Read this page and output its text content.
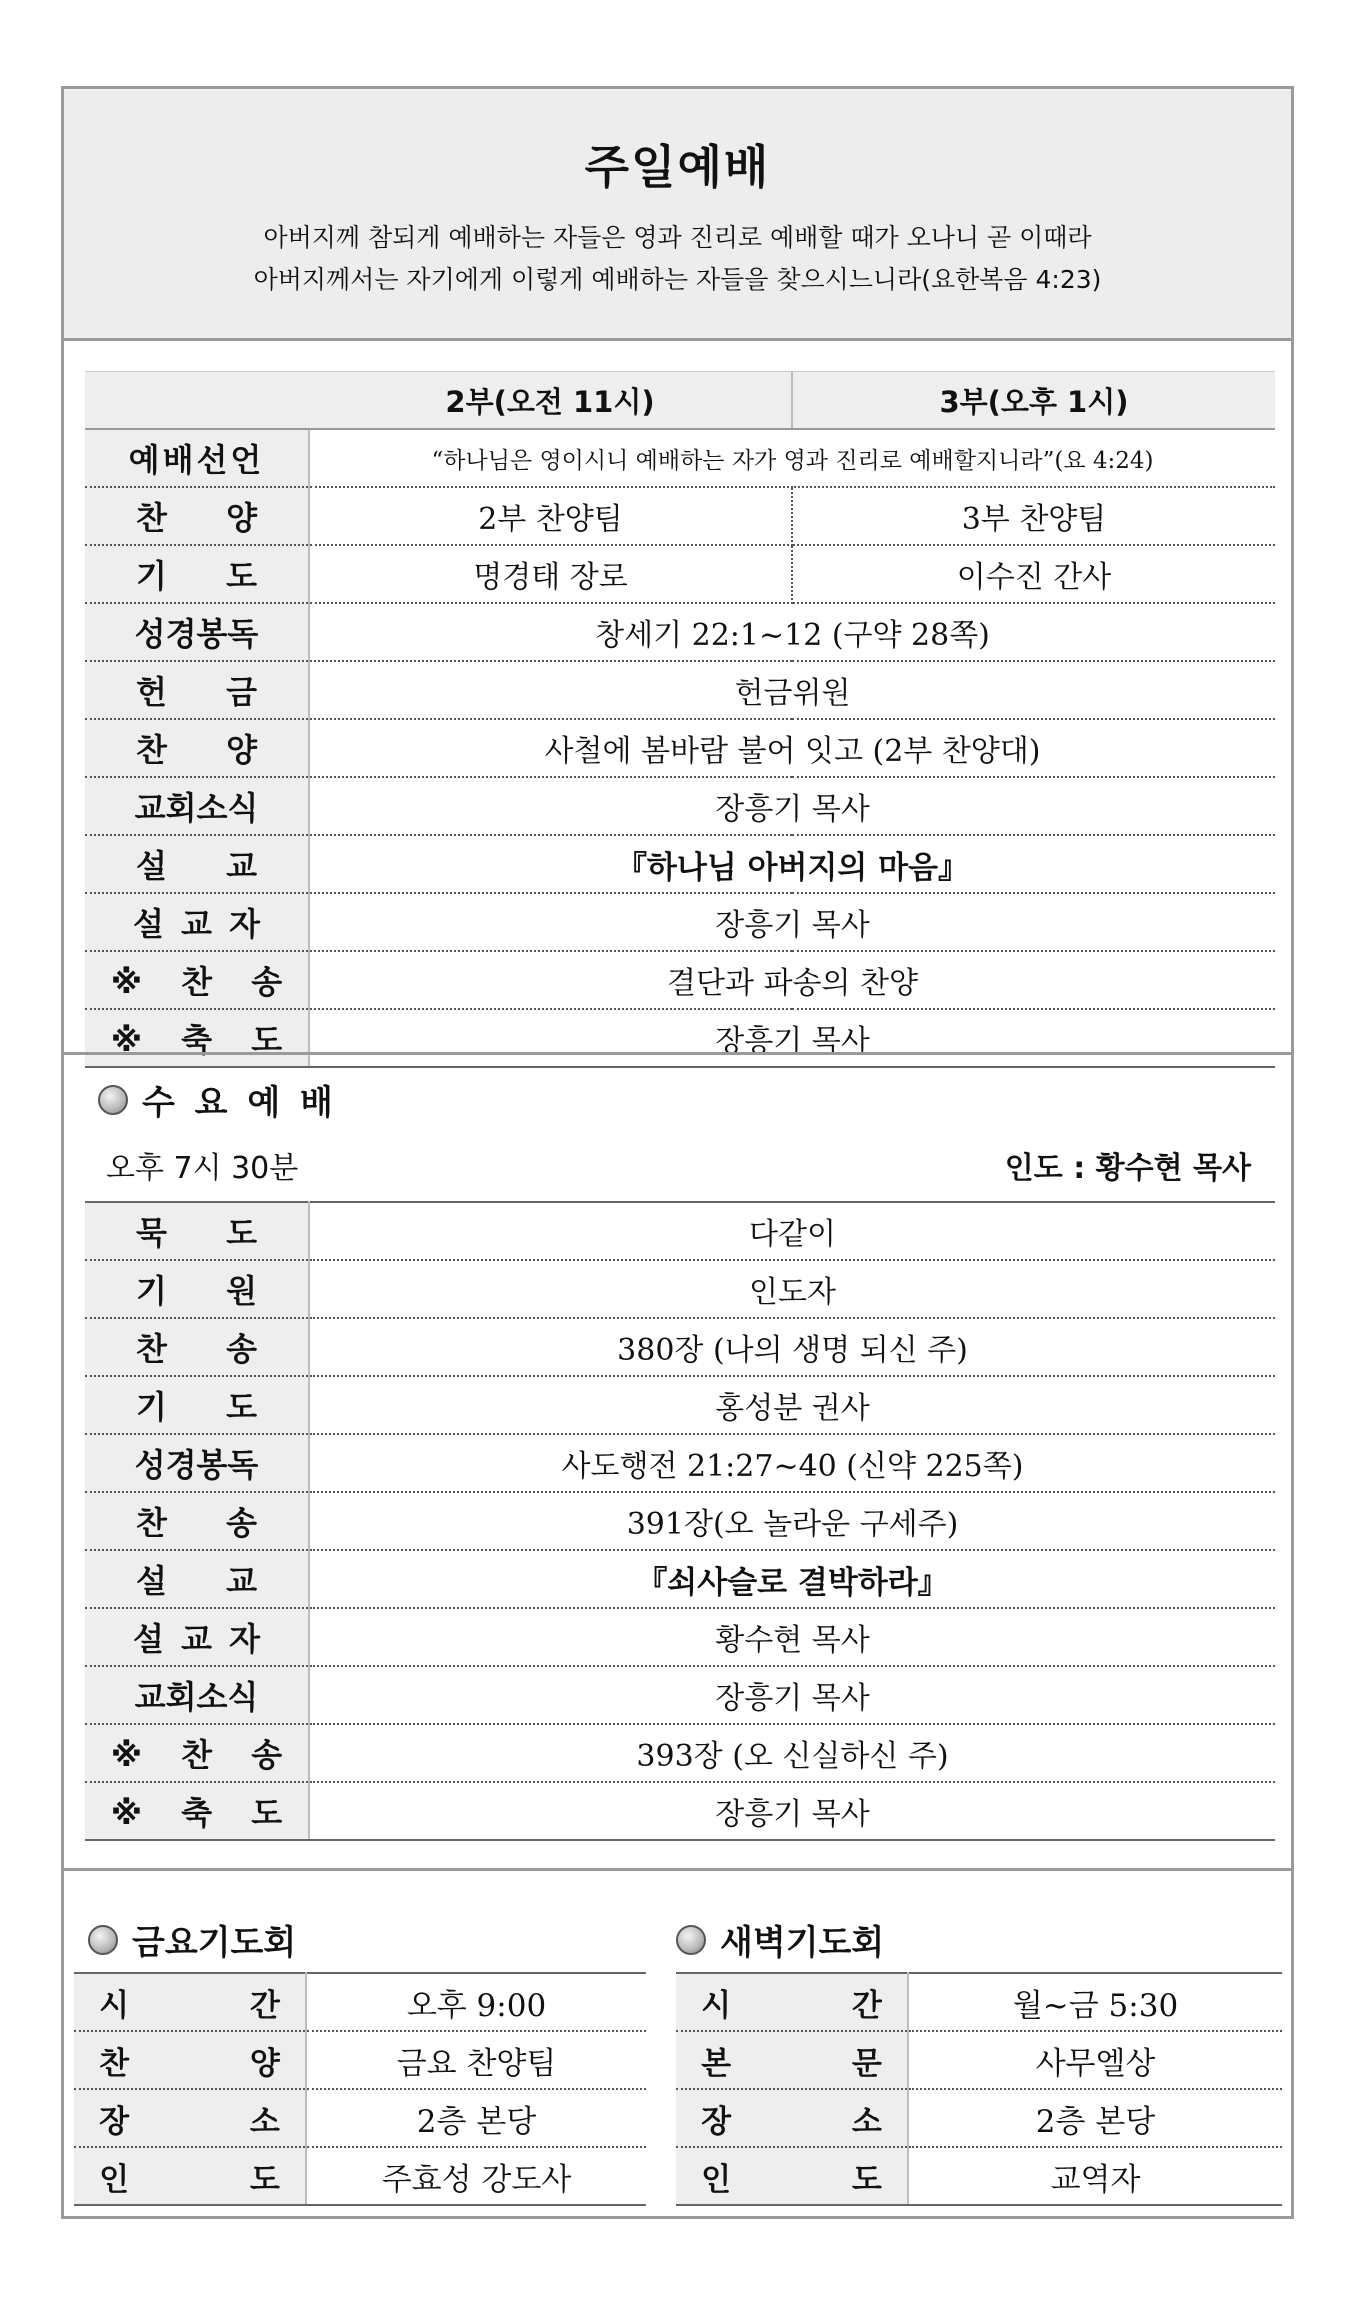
주일예배
아버지께 참되게 예배하는 자들은 영과 진리로 예배할 때가 오나니 곧 이때라
아버지께서는 자기에게 이렇게 예배하는 자들을 찾으시느니라(요한복음 4:23)
	2부(오전 11시)	3부(오후 1시)
예배선언	“하나님은 영이시니 예배하는 자가 영과 진리로 예배할지니라”(요 4:24)	
찬 양	2부 찬양팀	3부 찬양팀
기 도	명경태 장로	이수진 간사
성경봉독	창세기 22:1~12 (구약 28쪽)	
헌 금	헌금위원	
찬 양	사철에 봄바람 불어 잇고 (2부 찬양대)	
교회소식	장흥기 목사	
설 교	『하나님 아버지의 마음』	
설 교 자	장흥기 목사	
※ 찬 송	결단과 파송의 찬양	
※ 축 도	장흥기 목사	
수 요 예 배
오후 7시 30분	인도 : 황수현 목사
묵 도	다같이
기 원	인도자
찬 송	380장 (나의 생명 되신 주)
기 도	홍성분 권사
성경봉독	사도행전 21:27~40 (신약 225쪽)
찬 송	391장(오 놀라운 구세주)
설 교	『쇠사슬로 결박하라』
설 교 자	황수현 목사
교회소식	장흥기 목사
※ 찬 송	393장 (오 신실하신 주)
※ 축 도	장흥기 목사
금요기도회	새벽기도회
시 간	오후 9:00
찬 양	금요 찬양팀
장 소	2층 본당
인 도	주효성 강도사
시 간	월~금 5:30
본 문	사무엘상
장 소	2층 본당
인 도	교역자
